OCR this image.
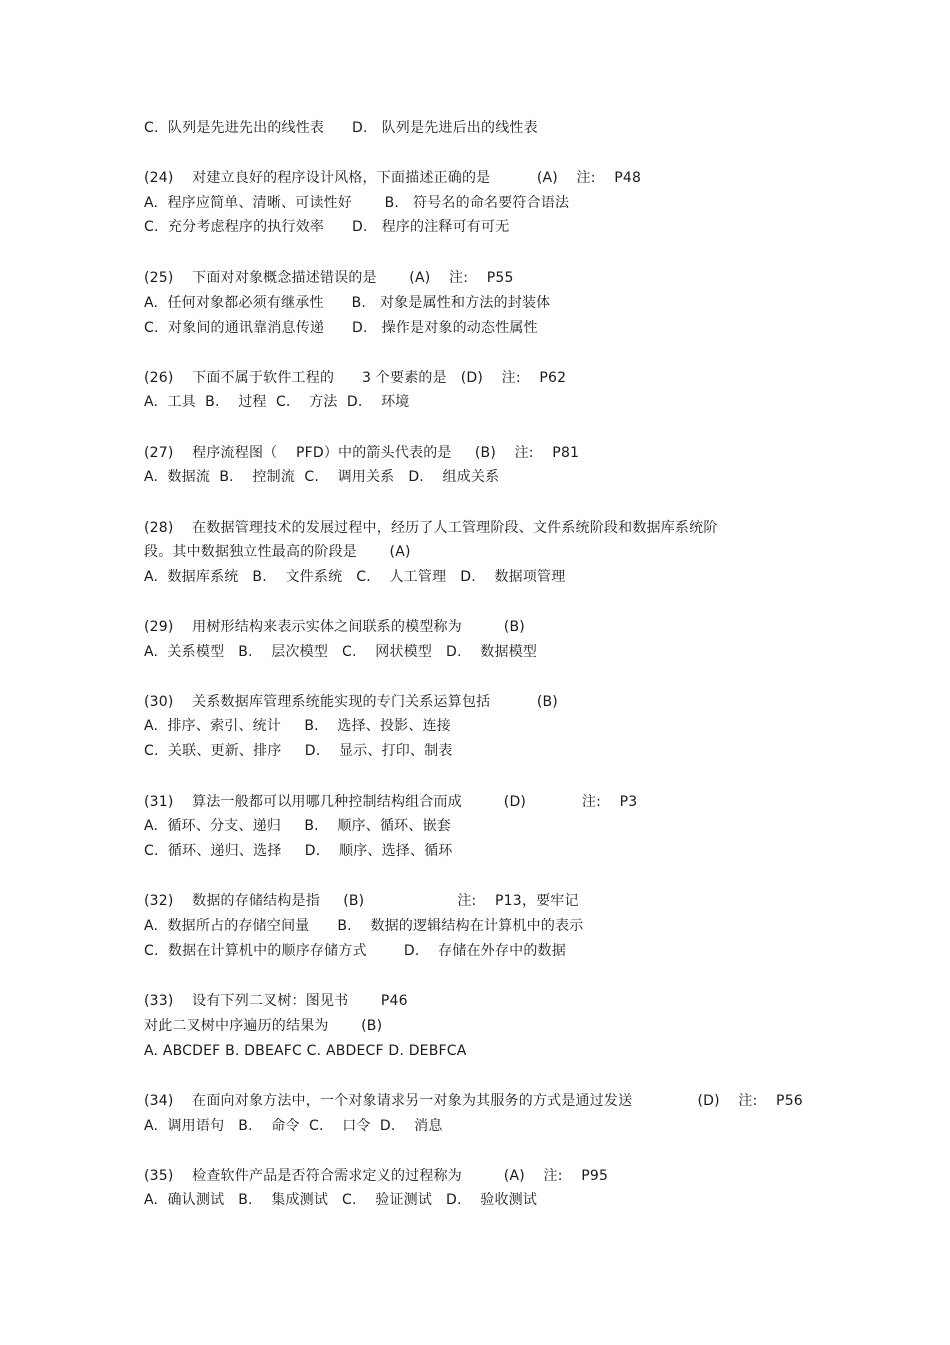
C.  队列是先进先出的线性表      D.   队列是先进后出的线性表
(24)    对建立良好的程序设计风格，下面描述正确的是          (A)    注:    P48
A.  程序应简单、清晰、可读性好       B.   符号名的命名要符合语法
C.  充分考虑程序的执行效率      D.   程序的注释可有可无
(25)    下面对对象概念描述错误的是       (A)    注:    P55
A.  任何对象都必须有继承性      B.   对象是属性和方法的封装体
C.  对象间的通讯靠消息传递      D.   操作是对象的动态性属性
(26)    下面不属于软件工程的      3 个要素的是   (D)    注:    P62
A.  工具  B.    过程  C.    方法  D.    环境
(27)    程序流程图（    PFD）中的箭头代表的是     (B)    注:    P81
A.  数据流  B.    控制流  C.    调用关系   D.    组成关系
(28)    在数据管理技术的发展过程中，经历了人工管理阶段、文件系统阶段和数据库系统阶
段。其中数据独立性最高的阶段是       (A)
A.  数据库系统   B.    文件系统   C.    人工管理   D.    数据项管理
(29)    用树形结构来表示实体之间联系的模型称为         (B)
A.  关系模型   B.    层次模型   C.    网状模型   D.    数据模型
(30)    关系数据库管理系统能实现的专门关系运算包括          (B)
A.  排序、索引、统计     B.    选择、投影、连接
C.  关联、更新、排序     D.    显示、打印、制表
(31)    算法一般都可以用哪几种控制结构组合而成         (D)            注:    P3
A.  循环、分支、递归     B.    顺序、循环、嵌套
C.  循环、递归、选择     D.    顺序、选择、循环
(32)    数据的存储结构是指     (B)                    注:    P13，要牢记
A.  数据所占的存储空间量      B.    数据的逻辑结构在计算机中的表示
C.  数据在计算机中的顺序存储方式        D.    存储在外存中的数据
(33)    设有下列二叉树：图见书       P46
对此二叉树中序遍历的结果为       (B)
A. ABCDEF B. DBEAFC C. ABDECF D. DEBFCA
(34)    在面向对象方法中，一个对象请求另一对象为其服务的方式是通过发送              (D)    注:    P56
A.  调用语句   B.    命令  C.    口令  D.    消息
(35)    检查软件产品是否符合需求定义的过程称为         (A)    注:    P95
A.  确认测试   B.    集成测试   C.    验证测试   D.    验收测试
